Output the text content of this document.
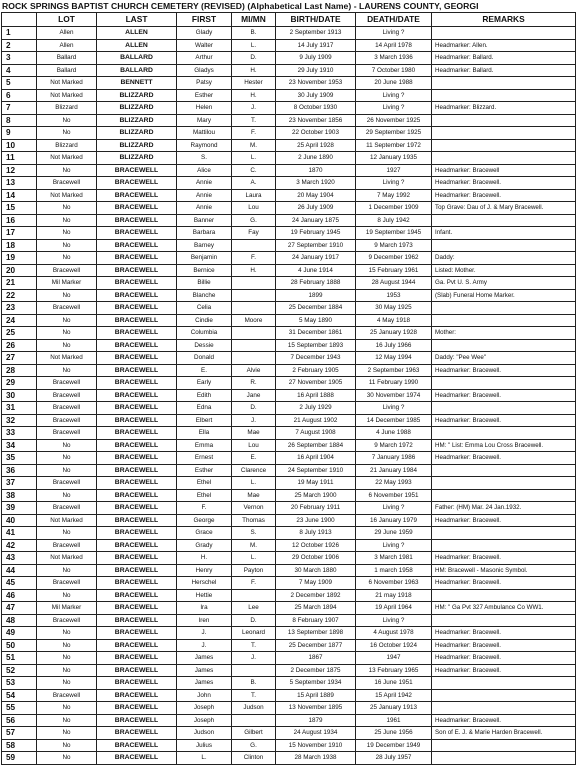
ROCK SPRINGS BAPTIST CHURCH CEMETERY (REVISED) (Alphabetical Last Name) - LAURENS COUNTY, GEORGI
	LOT	LAST	FIRST	MI/MN	BIRTH/DATE	DEATH/DATE	REMARKS
1	Allen	ALLEN	Glady	B.	2 September 1913	Living ?	
2	Allen	ALLEN	Walter	L.	14 July 1917	14 April 1978	Headmarker: Allen.
3	Ballard	BALLARD	Arthur	D.	9 July 1909	3 March 1936	Headmarker: Ballard.
4	Ballard	BALLARD	Gladys	H.	29 July 1910	7 October 1980	Headmarker: Ballard.
5	Not Marked	BENNETT	Patsy	Hester	23 November 1953	20 June 1988	
6	Not Marked	BLIZZARD	Esther	H.	30 July 1909	Living ?	
7	Blizzard	BLIZZARD	Helen	J.	8 October 1930	Living ?	Headmarker: Blizzard.
8	No	BLIZZARD	Mary	T.	23 November 1856	26 November 1925	
9	No	BLIZZARD	Mattilou	F.	22 October 1903	29 September 1925	
10	Blizzard	BLIZZARD	Raymond	M.	25 April 1928	11 September 1972	
11	Not Marked	BLIZZARD	S.	L.	2 June 1890	12 January 1935	
12	No	BRACEWELL	Alice	C.	1870	1927	Headmarker: Bracewell
13	Bracewell	BRACEWELL	Annie	A.	3 March 1920	Living ?	Headmarker: Bracewell.
14	Not Marked	BRACEWELL	Annie	Laura	20 May 1904	7 May 1992	Headmarker: Bracewell.
15	No	BRACEWELL	Annie	Lou	26 July 1909	1 December 1909	Top Grave: Dau of J. & Mary Bracewell.
16	No	BRACEWELL	Banner	G.	24 January 1875	8 July 1942	
17	No	BRACEWELL	Barbara	Fay	19 February 1945	19 September 1945	Infant.
18	No	BRACEWELL	Barney		27 September 1910	9 March 1973	
19	No	BRACEWELL	Benjamin	F.	24 January 1917	9 December 1962	Daddy:
20	Bracewell	BRACEWELL	Bernice	H.	4 June 1914	15 February 1961	Listed: Mother.
21	Mil Marker	BRACEWELL	Billie		28 February 1888	28 August 1944	Ga. Pvt U. S. Army
22	No	BRACEWELL	Blanche		1899	1953	(Slab) Funeral Home Marker.
23	Bracewell	BRACEWELL	Celia		25 December 1884	30 May 1925	
24	No	BRACEWELL	Cindie	Moore	5 May 1890	4 May 1918	
25	No	BRACEWELL	Columbia		31 December 1861	25 January 1928	Mother:
26	No	BRACEWELL	Dessie		15 September 1893	16 July 1966	
27	Not Marked	BRACEWELL	Donald		7 December 1943	12 May 1994	Daddy: "Pee Wee"
28	No	BRACEWELL	E.	Alvie	2 February 1905	2 September 1963	Headmarker: Bracewell.
29	Bracewell	BRACEWELL	Early	R.	27 November 1905	11 February 1990	
30	Bracewell	BRACEWELL	Edith	Jane	16 April 1888	30 November 1974	Headmarker: Bracewell.
31	Bracewell	BRACEWELL	Edna	D.	2 July 1929	Living ?	
32	Bracewell	BRACEWELL	Elbert	J.	21 August 1902	14 December 1985	Headmarker: Bracewell.
33	Bracewell	BRACEWELL	Ella	Mae	7 August 1908	4 June 1988	
34	No	BRACEWELL	Emma	Lou	26 September 1884	9 March 1972	HM: " List: Emma Lou Cross Bracewell.
35	No	BRACEWELL	Ernest	E.	16 April 1904	7 January 1986	Headmarker: Bracewell.
36	No	BRACEWELL	Esther	Clarence	24 September 1910	21 January 1984	
37	Bracewell	BRACEWELL	Ethel	L.	19 May 1911	22 May 1993	
38	No	BRACEWELL	Ethel	Mae	25 March 1900	6 November 1951	
39	Bracewell	BRACEWELL	F.	Vernon	20 February 1911	Living ?	Father: (HM) Mar. 24 Jan.1932.
40	Not Marked	BRACEWELL	George	Thomas	23 June 1900	16 January 1979	Headmarker: Bracewell.
41	No	BRACEWELL	Grace	S.	8 July 1913	29 June 1959	
42	Bracewell	BRACEWELL	Grady	M.	12 October 1926	Living ?	
43	Not Marked	BRACEWELL	H.	L.	29 October 1906	3 March 1981	Headmarker: Bracewell.
44	No	BRACEWELL	Henry	Payton	30 March 1880	1 march 1958	HM: Bracewell - Masonic Symbol.
45	Bracewell	BRACEWELL	Herschel	F.	7 May 1909	6 November 1963	Headmarker: Bracewell.
46	No	BRACEWELL	Hettie		2 December 1892	21 may 1918	
47	Mil Marker	BRACEWELL	Ira	Lee	25 March 1894	19 April 1964	HM: " Ga Pvt 327 Ambulance Co WW1.
48	Bracewell	BRACEWELL	Iren	D.	8 February 1907	Living ?	
49	No	BRACEWELL	J.	Leonard	13 September 1898	4 August 1978	Headmarker: Bracewell.
50	No	BRACEWELL	J.	T.	25 December 1877	16 October 1924	Headmarker: Bracewell.
51	No	BRACEWELL	James	J.	1867	1947	Headmarker: Bracewell.
52	No	BRACEWELL	James		2 December 1875	13 February 1965	Headmarker: Bracewell.
53	No	BRACEWELL	James	B.	5 September 1934	16 June 1951	
54	Bracewell	BRACEWELL	John	T.	15 April 1889	15 April 1942	
55	No	BRACEWELL	Joseph	Judson	13 November 1895	25 January 1913	
56	No	BRACEWELL	Joseph		1879	1961	Headmarker: Bracewell.
57	No	BRACEWELL	Judson	Gilbert	24 August 1934	25 June 1956	Son of E. J. & Marie Harden Bracewell.
58	No	BRACEWELL	Julius	G.	15 November 1910	19 December 1949	
59	No	BRACEWELL	L.	Clinton	28 March 1938	28 July 1957	
